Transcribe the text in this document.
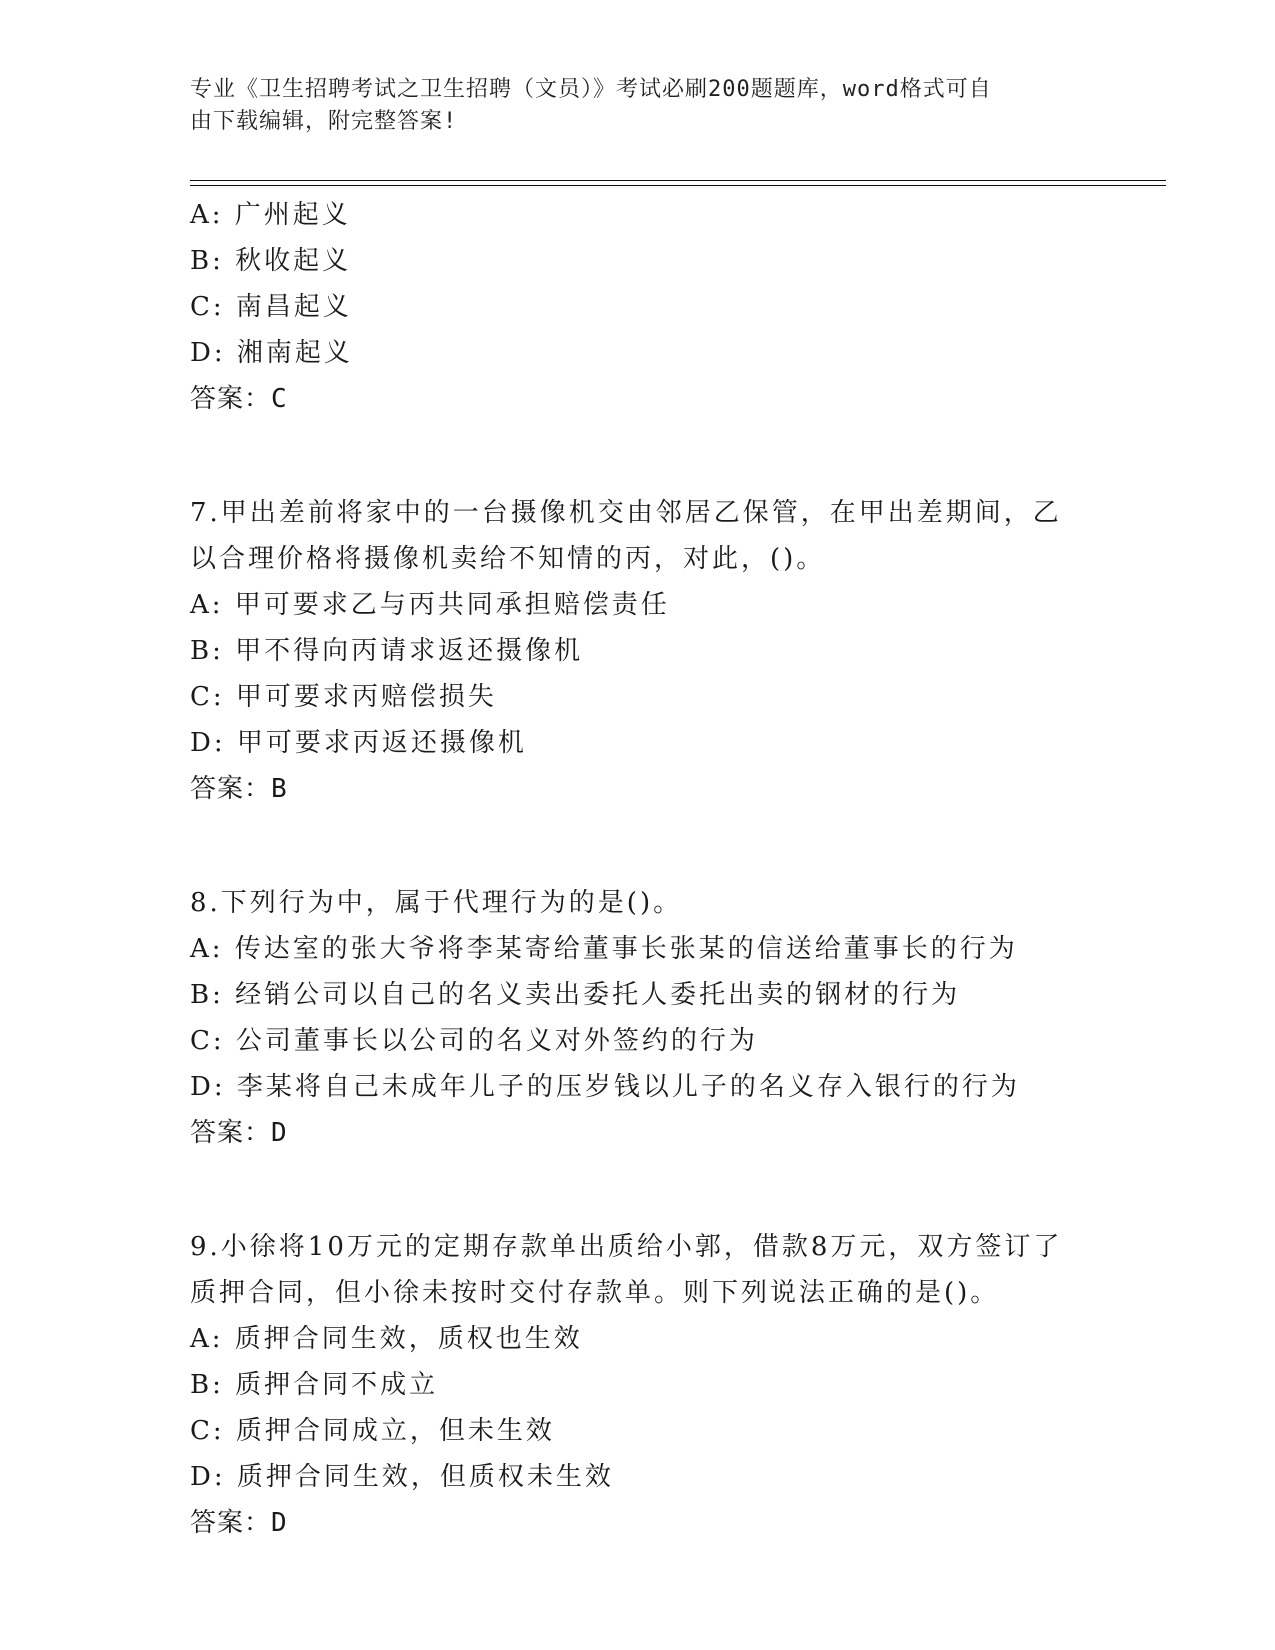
专业《卫生招聘考试之卫生招聘（文员）》考试必刷200题题库，word格式可自
由下载编辑，附完整答案!
A: 广州起义
B: 秋收起义
C: 南昌起义
D: 湘南起义
答案：C
7.甲出差前将家中的一台摄像机交由邻居乙保管，在甲出差期间，乙
以合理价格将摄像机卖给不知情的丙，对此，()。
A: 甲可要求乙与丙共同承担赔偿责任
B: 甲不得向丙请求返还摄像机
C: 甲可要求丙赔偿损失
D: 甲可要求丙返还摄像机
答案：B
8.下列行为中，属于代理行为的是()。
A: 传达室的张大爷将李某寄给董事长张某的信送给董事长的行为
B: 经销公司以自己的名义卖出委托人委托出卖的钢材的行为
C: 公司董事长以公司的名义对外签约的行为
D: 李某将自己未成年儿子的压岁钱以儿子的名义存入银行的行为
答案：D
9.小徐将10万元的定期存款单出质给小郭，借款8万元，双方签订了
质押合同，但小徐未按时交付存款单。则下列说法正确的是()。
A: 质押合同生效，质权也生效
B: 质押合同不成立
C: 质押合同成立，但未生效
D: 质押合同生效，但质权未生效
答案：D
